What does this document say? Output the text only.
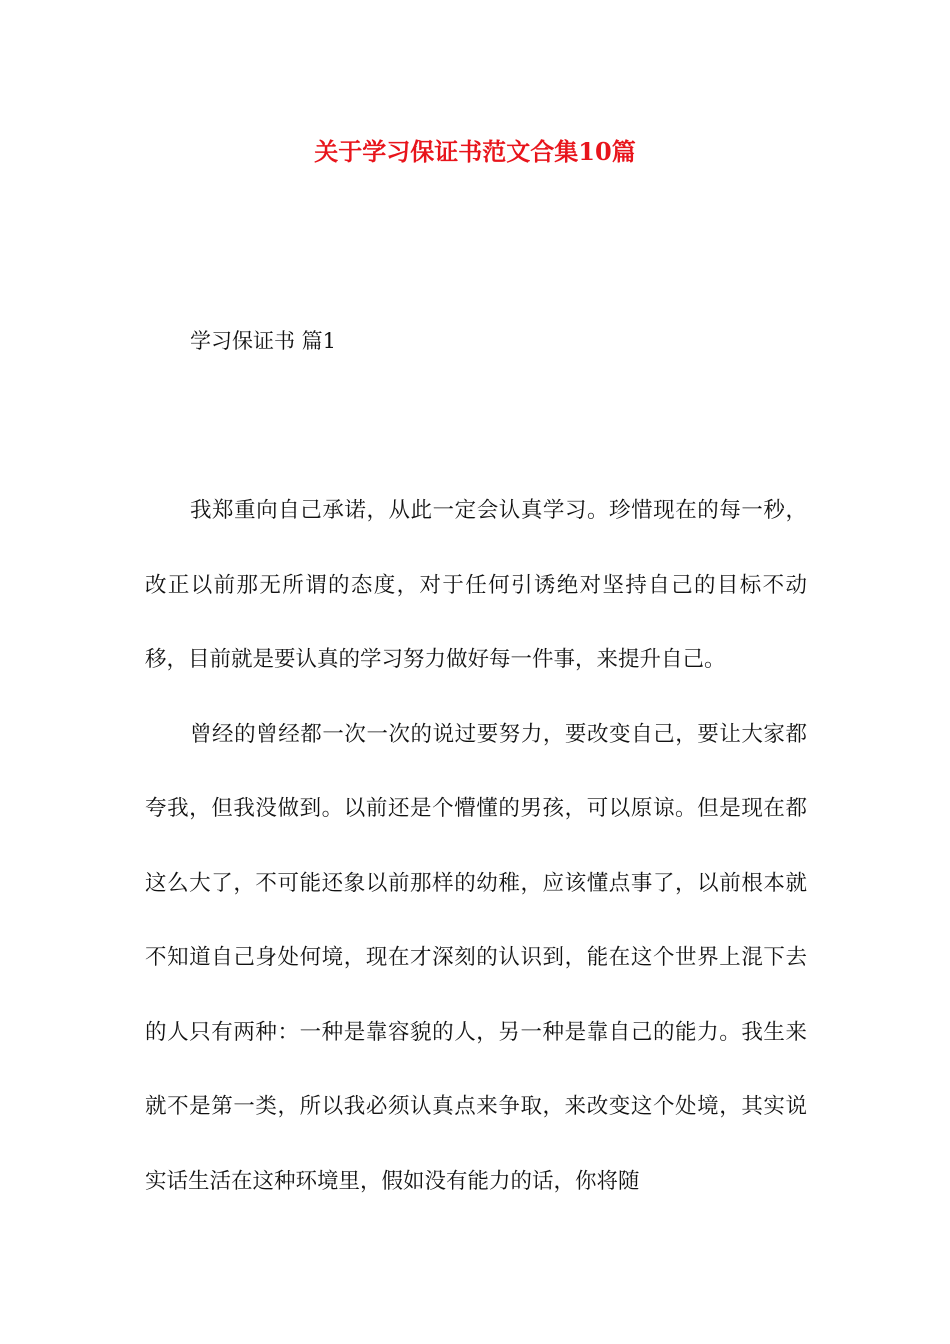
关于学习保证书范文合集10篇
学习保证书 篇1

我郑重向自己承诺，从此一定会认真学习。珍惜现在的每一秒，改正以前那无所谓的态度，对于任何引诱绝对坚持自己的目标不动移，目前就是要认真的学习努力做好每一件事，来提升自己。

曾经的曾经都一次一次的说过要努力，要改变自己，要让大家都夸我，但我没做到。以前还是个懵懂的男孩，可以原谅。但是现在都这么大了，不可能还象以前那样的幼稚，应该懂点事了，以前根本就不知道自己身处何境，现在才深刻的认识到，能在这个世界上混下去的人只有两种：一种是靠容貌的人，另一种是靠自己的能力。我生来就不是第一类，所以我必须认真点来争取，来改变这个处境，其实说实话生活在这种环境里，假如没有能力的话，你将随
